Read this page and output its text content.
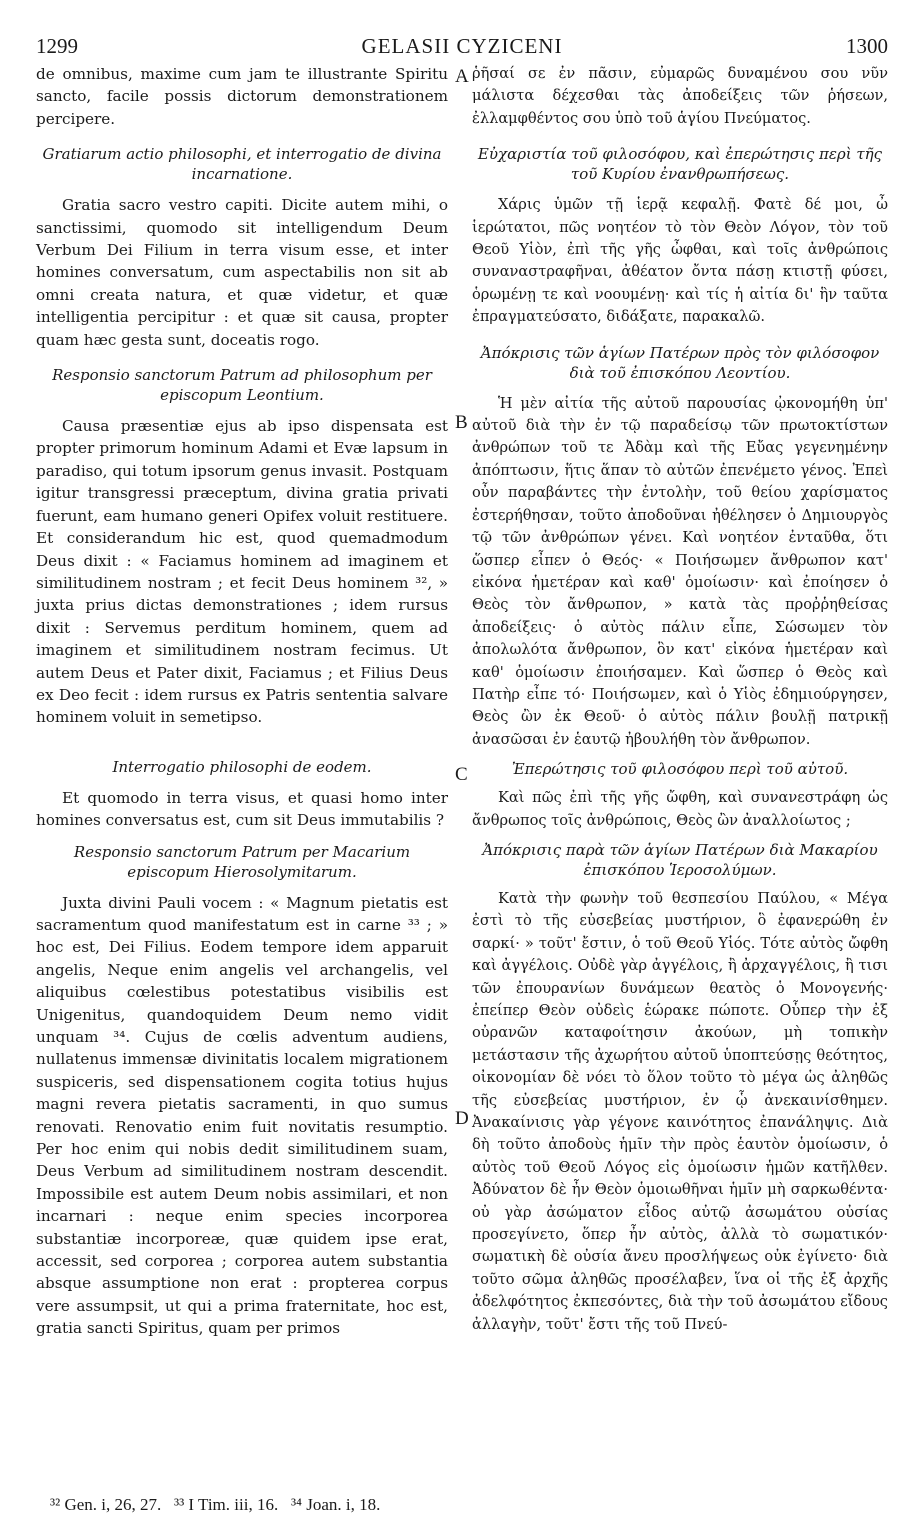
1299	GELASII CYZICENI	1300

de omnibus, maxime cum jam te illustrante Spiritu sancto, facile possis dictorum demonstrationem percipere.

Gratiarum actio philosophi, et interrogatio de divina incarnatione.

Gratia sacro vestro capiti. Dicite autem mihi, o sanctissimi, quomodo sit intelligendum Deum Verbum Dei Filium in terra visum esse, et inter homines conversatum, cum aspectabilis non sit ab omni creata natura, et quæ videtur, et quæ intelligentia percipitur : et quæ sit causa, propter quam hæc gesta sunt, doceatis rogo.

Responsio sanctorum Patrum ad philosophum per episcopum Leontium.

Causa præsentiæ ejus ab ipso dispensata est propter primorum hominum Adami et Evæ lapsum in paradiso, qui totum ipsorum genus invasit. Postquam igitur transgressi præceptum, divina gratia privati fuerunt, eam humano generi Opifex voluit restituere. Et considerandum hic est, quod quemadmodum Deus dixit : « Faciamus hominem ad imaginem et similitudinem nostram ; et fecit Deus hominem ³², » juxta prius dictas demonstrationes ; idem rursus dixit : Servemus perditum hominem, quem ad imaginem et similitudinem nostram fecimus. Ut autem Deus et Pater dixit, Faciamus ; et Filius Deus ex Deo fecit : idem rursus ex Patris sententia salvare hominem voluit in semetipso.

Interrogatio philosophi de eodem.

Et quomodo in terra visus, et quasi homo inter homines conversatus est, cum sit Deus immutabilis ?

Responsio sanctorum Patrum per Macarium episcopum Hierosolymitarum.

Juxta divini Pauli vocem : « Magnum pietatis est sacramentum quod manifestatum est in carne ³³ ; » hoc est, Dei Filius. Eodem tempore idem apparuit angelis, Neque enim angelis vel archangelis, vel aliquibus cœlestibus potestatibus visibilis est Unigenitus, quandoquidem Deum nemo vidit unquam ³⁴. Cujus de cœlis adventum audiens, nullatenus immensæ divinitatis localem migrationem suspiceris, sed dispensationem cogita totius hujus magni revera pietatis sacramenti, in quo sumus renovati. Renovatio enim fuit novitatis resumptio. Per hoc enim qui nobis dedit similitudinem suam, Deus Verbum ad similitudinem nostram descendit. Impossibile est autem Deum nobis assimilari, et non incarnari : neque enim species incorporea substantiæ incorporeæ, quæ quidem ipse erat, accessit, sed corporea ; corporea autem substantia absque assumptione non erat : propterea corpus vere assumpsit, ut qui a prima fraternitate, hoc est, gratia sancti Spiritus, quam per primos

A
B
C
D

ῥῆσαί σε ἐν πᾶσιν, εὐμαρῶς δυναμένου σου νῦν μάλιστα δέχεσθαι τὰς ἀποδείξεις τῶν ῥήσεων, ἐλλαμφθέντος σου ὑπὸ τοῦ ἁγίου Πνεύματος.

Εὐχαριστία τοῦ φιλοσόφου, καὶ ἐπερώτησις περὶ τῆς τοῦ Κυρίου ἐνανθρωπήσεως.

Χάρις ὑμῶν τῇ ἱερᾷ κεφαλῇ. Φατὲ δέ μοι, ὦ ἱερώτατοι, πῶς νοητέον τὸ τὸν Θεὸν Λόγον, τὸν τοῦ Θεοῦ Υἱὸν, ἐπὶ τῆς γῆς ὦφθαι, καὶ τοῖς ἀνθρώποις συναναστραφῆναι, ἀθέατον ὄντα πάσῃ κτιστῇ φύσει, ὁρωμένῃ τε καὶ νοουμένῃ· καὶ τίς ἡ αἰτία δι' ἣν ταῦτα ἐπραγματεύσατο, διδάξατε, παρακαλῶ.

Ἀπόκρισις τῶν ἁγίων Πατέρων πρὸς τὸν φιλόσοφον διὰ τοῦ ἐπισκόπου Λεοντίου.

Ἡ μὲν αἰτία τῆς αὐτοῦ παρουσίας ᾠκονομήθη ὑπ' αὐτοῦ διὰ τὴν ἐν τῷ παραδείσῳ τῶν πρωτοκτίστων ἀνθρώπων τοῦ τε Ἀδὰμ καὶ τῆς Εὔας γεγενημένην ἀπόπτωσιν, ἥτις ἅπαν τὸ αὐτῶν ἐπενέμετο γένος. Ἐπεὶ οὖν παραβάντες τὴν ἐντολὴν, τοῦ θείου χαρίσματος ἐστερήθησαν, τοῦτο ἀποδοῦναι ἠθέλησεν ὁ Δημιουργὸς τῷ τῶν ἀνθρώπων γένει. Καὶ νοητέον ἐνταῦθα, ὅτι ὥσπερ εἶπεν ὁ Θεός· « Ποιήσωμεν ἄνθρωπον κατ' εἰκόνα ἡμετέραν καὶ καθ' ὁμοίωσιν· καὶ ἐποίησεν ὁ Θεὸς τὸν ἄνθρωπον, » κατὰ τὰς προῤῥηθείσας ἀποδείξεις· ὁ αὐτὸς πάλιν εἶπε, Σώσωμεν τὸν ἀπολωλότα ἄνθρωπον, ὃν κατ' εἰκόνα ἡμετέραν καὶ καθ' ὁμοίωσιν ἐποιήσαμεν. Καὶ ὥσπερ ὁ Θεὸς καὶ Πατὴρ εἶπε τό· Ποιήσωμεν, καὶ ὁ Υἱὸς ἐδημιούργησεν, Θεὸς ὢν ἐκ Θεοῦ· ὁ αὐτὸς πάλιν βουλῇ πατρικῇ ἀνασῶσαι ἐν ἑαυτῷ ἠβουλήθη τὸν ἄνθρωπον.

Ἐπερώτησις τοῦ φιλοσόφου περὶ τοῦ αὐτοῦ.

Καὶ πῶς ἐπὶ τῆς γῆς ὤφθη, καὶ συνανεστράφη ὡς ἄνθρωπος τοῖς ἀνθρώποις, Θεὸς ὢν ἀναλλοίωτος ;

Ἀπόκρισις παρὰ τῶν ἁγίων Πατέρων διὰ Μακαρίου ἐπισκόπου Ἱεροσολύμων.

Κατὰ τὴν φωνὴν τοῦ θεσπεσίου Παύλου, « Μέγα ἐστὶ τὸ τῆς εὐσεβείας μυστήριον, ὃ ἐφανερώθη ἐν σαρκί· » τοῦτ' ἔστιν, ὁ τοῦ Θεοῦ Υἱός. Τότε αὐτὸς ὤφθη καὶ ἀγγέλοις. Οὐδὲ γὰρ ἀγγέλοις, ἢ ἀρχαγγέλοις, ἢ τισι τῶν ἐπουρανίων δυνάμεων θεατὸς ὁ Μονογενής· ἐπείπερ Θεὸν οὐδεὶς ἑώρακε πώποτε. Οὗπερ τὴν ἐξ οὐρανῶν καταφοίτησιν ἀκούων, μὴ τοπικὴν μετάστασιν τῆς ἀχωρήτου αὐτοῦ ὑποπτεύσῃς θεότητος, οἰκονομίαν δὲ νόει τὸ ὅλον τοῦτο τὸ μέγα ὡς ἀληθῶς τῆς εὐσεβείας μυστήριον, ἐν ᾧ ἀνεκαινίσθημεν. Ἀνακαίνισις γὰρ γέγονε καινότητος ἐπανάληψις. Διὰ δὴ τοῦτο ἀποδοὺς ἡμῖν τὴν πρὸς ἑαυτὸν ὁμοίωσιν, ὁ αὐτὸς τοῦ Θεοῦ Λόγος εἰς ὁμοίωσιν ἡμῶν κατῆλθεν. Ἀδύνατον δὲ ἦν Θεὸν ὁμοιωθῆναι ἡμῖν μὴ σαρκωθέντα· οὐ γὰρ ἀσώματον εἶδος αὐτῷ ἀσωμάτου οὐσίας προσεγίνετο, ὅπερ ἦν αὐτὸς, ἀλλὰ τὸ σωματικόν· σωματικὴ δὲ οὐσία ἄνευ προσλήψεως οὐκ ἐγίνετο· διὰ τοῦτο σῶμα ἀληθῶς προσέλαβεν, ἵνα οἱ τῆς ἐξ ἀρχῆς ἀδελφότητος ἐκπεσόντες, διὰ τὴν τοῦ ἀσωμάτου εἴδους ἀλλαγὴν, τοῦτ' ἔστι τῆς τοῦ Πνεύ-

³² Gen. i, 26, 27.   ³³ I Tim. iii, 16.   ³⁴ Joan. i, 18.
